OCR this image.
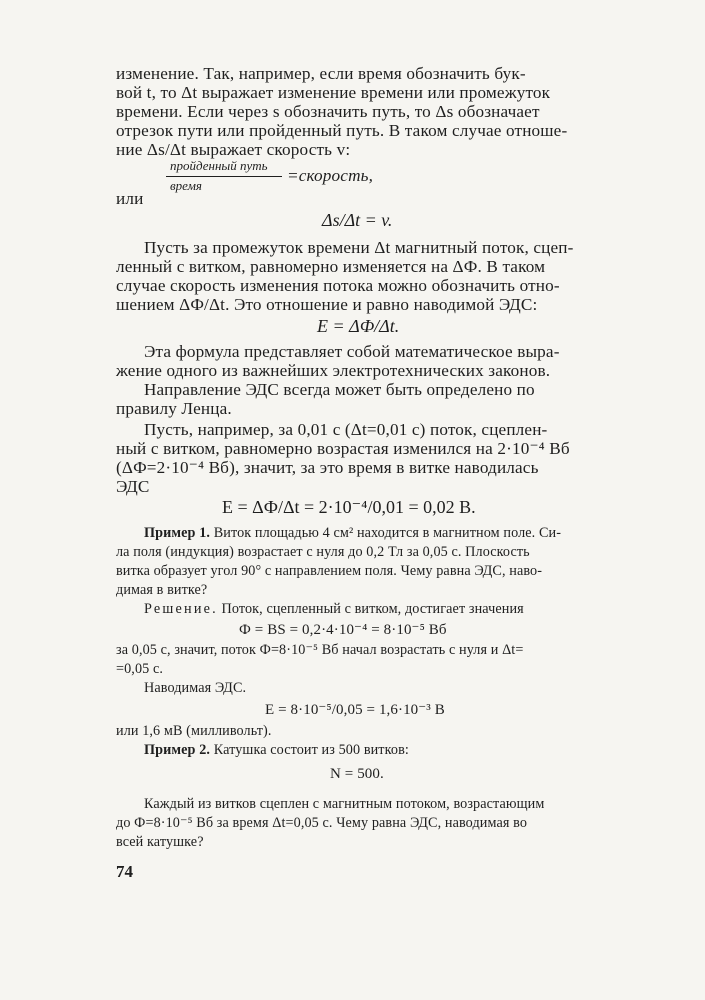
изменение. Так, например, если время обозначить бук-
вой t, то Δt выражает изменение времени или промежуток
времени. Если через s обозначить путь, то Δs обозначает
отрезок пути или пройденный путь. В таком случае отноше-
ние Δs/Δt выражает скорость v:
пройденный путь
время
=скорость,
или
Δs/Δt = v.
Пусть за промежуток времени Δt магнитный поток, сцеп-
ленный с витком, равномерно изменяется на ΔФ. В таком
случае скорость изменения потока можно обозначить отно-
шением ΔФ/Δt. Это отношение и равно наводимой ЭДС:
E = ΔФ/Δt.
Эта формула представляет собой математическое выра-
жение одного из важнейших электротехнических законов.
Направление ЭДС всегда может быть определено по
правилу Ленца.
Пусть, например, за 0,01 с (Δt=0,01 с) поток, сцеплен-
ный с витком, равномерно возрастая изменился на 2·10⁻⁴ Вб
(ΔФ=2·10⁻⁴ Вб), значит, за это время в витке наводилась
ЭДС
E = ΔФ/Δt = 2·10⁻⁴/0,01 = 0,02 В.
Пример 1. Виток площадью 4 см² находится в магнитном поле. Си-
ла поля (индукция) возрастает с нуля до 0,2 Тл за 0,05 с. Плоскость
витка образует угол 90° с направлением поля. Чему равна ЭДС, наво-
димая в витке?
Решение. Поток, сцепленный с витком, достигает значения
Ф = BS = 0,2·4·10⁻⁴ = 8·10⁻⁵ Вб
за 0,05 с, значит, поток Ф=8·10⁻⁵ Вб начал возрастать с нуля и Δt=
=0,05 с.
Наводимая ЭДС.
E = 8·10⁻⁵/0,05 = 1,6·10⁻³ В
или 1,6 мВ (милливольт).
Пример 2. Катушка состоит из 500 витков:
N = 500.
Каждый из витков сцеплен с магнитным потоком, возрастающим
до Ф=8·10⁻⁵ Вб за время Δt=0,05 с. Чему равна ЭДС, наводимая во
всей катушке?
74
